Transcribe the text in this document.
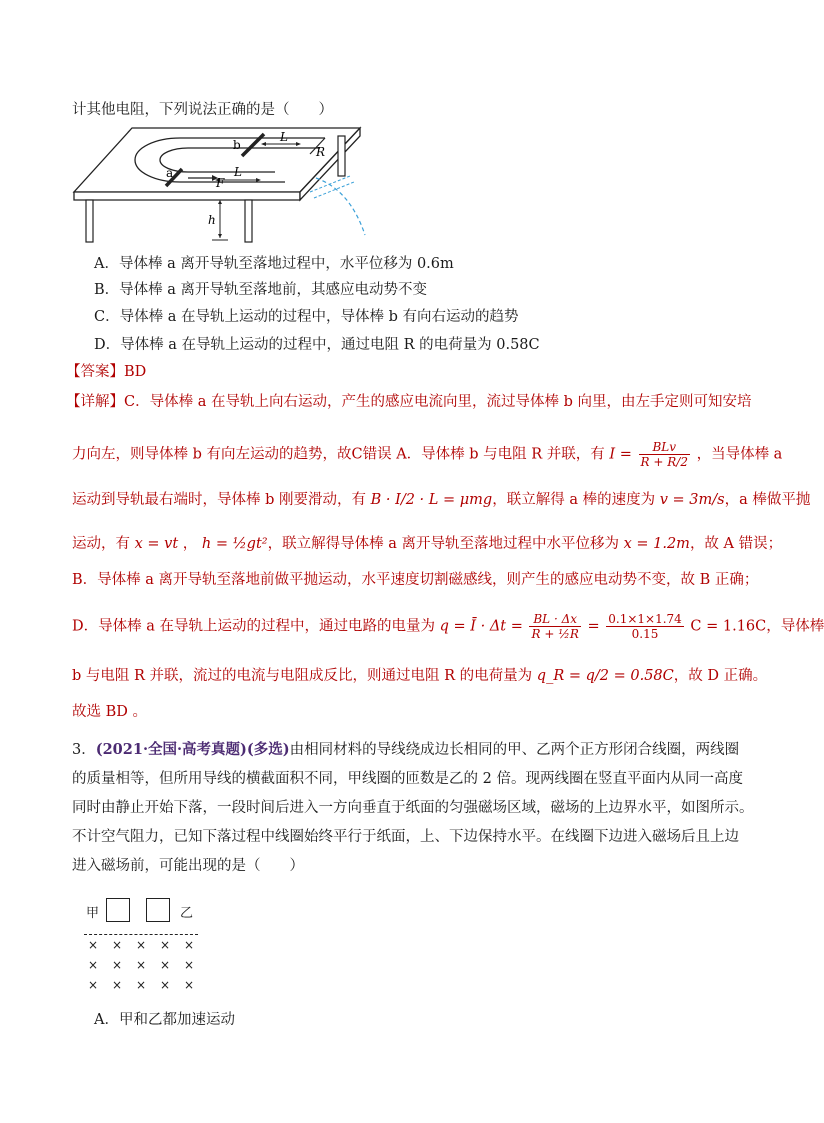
计其他电阻，下列说法正确的是（　　）
b
a
F
L
L
R
h
A．导体棒 a 离开导轨至落地过程中，水平位移为 0.6m
B．导体棒 a 离开导轨至落地前，其感应电动势不变
C．导体棒 a 在导轨上运动的过程中，导体棒 b 有向右运动的趋势
D．导体棒 a 在导轨上运动的过程中，通过电阻 R 的电荷量为 0.58C
【答案】BD
【详解】C．导体棒 a 在导轨上向右运动，产生的感应电流向里，流过导体棒 b 向里，由左手定则可知安培
力向左，则导体棒 b 有向左运动的趋势，故C错误 A．导体棒 b 与电阻 R 并联，有 $I = \frac{\text{BLv}}{R + R/2}$ ，当导体棒 a
运动到导轨最右端时，导体棒 b 刚要滑动，有 B · I/2 · L = μmg，联立解得 a 棒的速度为 v = 3m/s，a 棒做平抛
运动，有 x = vt ， h = ½gt²，联立解得导体棒 a 离开导轨至落地过程中水平位移为 x = 1.2m，故 A 错误；
B．导体棒 a 离开导轨至落地前做平抛运动，水平速度切割磁感线，则产生的感应电动势不变，故 B 正确；
D．导体棒 a 在导轨上运动的过程中，通过电路的电量为 q = Ī · $\Delta t = \frac{BL \cdot \Delta x}{\text{R + ½R}} = \frac{0.1\times 1\times 1.74}{0.15}$ C = 1.16C，导体棒
b 与电阻 R 并联，流过的电流与电阻成反比，则通过电阻 R 的电荷量为 q_R = q/2 = 0.58C，故 D 正确。
故选 BD 。
3．(2021·全国·高考真题)(多选)由相同材料的导线绕成边长相同的甲、乙两个正方形闭合线圈，两线圈
的质量相等，但所用导线的横截面积不同，甲线圈的匝数是乙的 2 倍。现两线圈在竖直平面内从同一高度
同时由静止开始下落，一段时间后进入一方向垂直于纸面的匀强磁场区域，磁场的上边界水平，如图所示。
不计空气阻力，已知下落过程中线圈始终平行于纸面，上、下边保持水平。在线圈下边进入磁场后且上边
进入磁场前，可能出现的是（　　）
甲	乙
× × × × ×
× × × × ×
× × × × ×
A．甲和乙都加速运动
